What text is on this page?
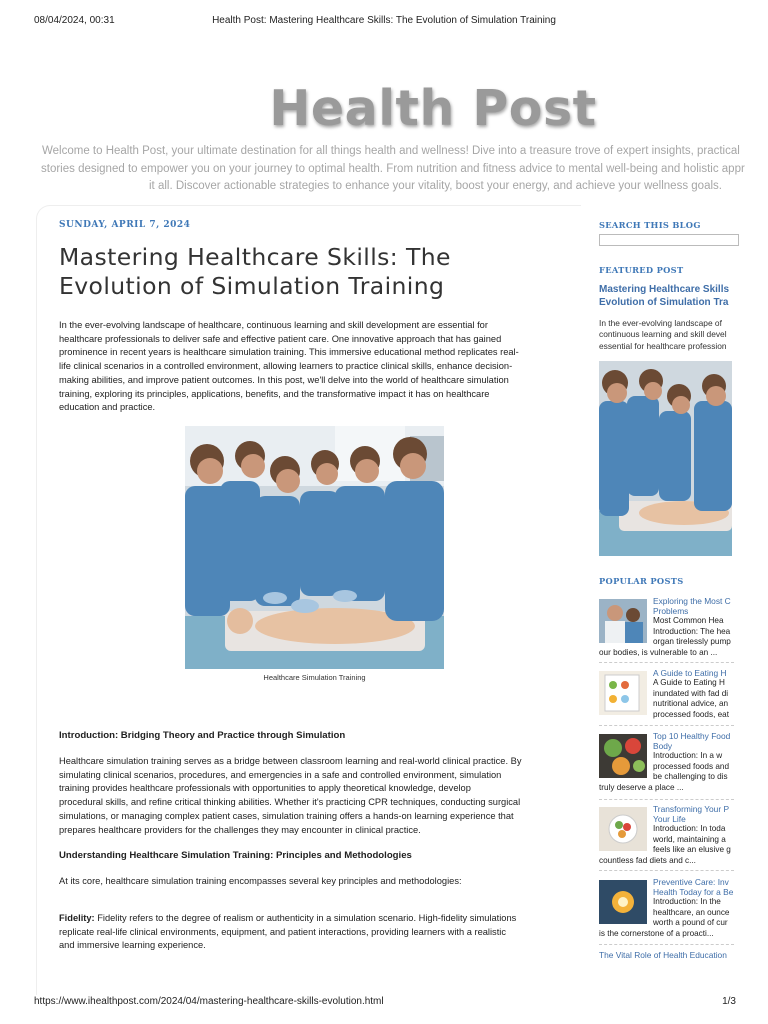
08/04/2024, 00:31	Health Post: Mastering Healthcare Skills: The Evolution of Simulation Training
Health Post

Welcome to Health Post, your ultimate destination for all things health and wellness! Dive into a treasure trove of expert insights, practical

stories designed to empower you on your journey to optimal health. From nutrition and fitness advice to mental well-being and holistic appr

it all. Discover actionable strategies to enhance your vitality, boost your energy, and achieve your wellness goals.

SUNDAY, APRIL 7, 2024
Mastering Healthcare Skills: The
Evolution of Simulation Training
In the ever-evolving landscape of healthcare, continuous learning and skill development are essential for
healthcare professionals to deliver safe and effective patient care. One innovative approach that has gained
prominence in recent years is healthcare simulation training. This immersive educational method replicates real-
life clinical scenarios in a controlled environment, allowing learners to practice clinical skills, enhance decision-
making abilities, and improve patient outcomes. In this post, we'll delve into the world of healthcare simulation
training, exploring its principles, applications, benefits, and the transformative impact it has on healthcare
education and practice.
Healthcare Simulation Training
Introduction: Bridging Theory and Practice through Simulation
Healthcare simulation training serves as a bridge between classroom learning and real-world clinical practice. By
simulating clinical scenarios, procedures, and emergencies in a safe and controlled environment, simulation
training provides healthcare professionals with opportunities to apply theoretical knowledge, develop
procedural skills, and refine critical thinking abilities. Whether it's practicing CPR techniques, conducting surgical
simulations, or managing complex patient cases, simulation training offers a hands-on learning experience that
prepares healthcare providers for the challenges they may encounter in clinical practice.
Understanding Healthcare Simulation Training: Principles and Methodologies
At its core, healthcare simulation training encompasses several key principles and methodologies:
Fidelity: Fidelity refers to the degree of realism or authenticity in a simulation scenario. High-fidelity simulations
replicate real-life clinical environments, equipment, and patient interactions, providing learners with a realistic
and immersive learning experience.
SEARCH THIS BLOG
FEATURED POST
Mastering Healthcare Skills
Evolution of Simulation Tra
In the ever-evolving landscape of
continuous learning and skill devel
essential for healthcare profession
POPULAR POSTS
Exploring the Most C
Problems
Most Common Hea
Introduction: The hea
organ tirelessly pump
our bodies, is vulnerable to an ...
A Guide to Eating H
A Guide to Eating H
inundated with fad di
nutritional advice, an
processed foods, eat
Top 10 Healthy Food
Body
Introduction: In a w
processed foods and
be challenging to dis
truly deserve a place ...
Transforming Your P
Your Life
Introduction: In toda
world, maintaining a
feels like an elusive g
countless fad diets and c...
Preventive Care: Inv
Health Today for a Be
Introduction: In the
healthcare, an ounce
worth a pound of cur
is the cornerstone of a proacti...
The Vital Role of Health Education
https://www.ihealthpost.com/2024/04/mastering-healthcare-skills-evolution.html	1/3
